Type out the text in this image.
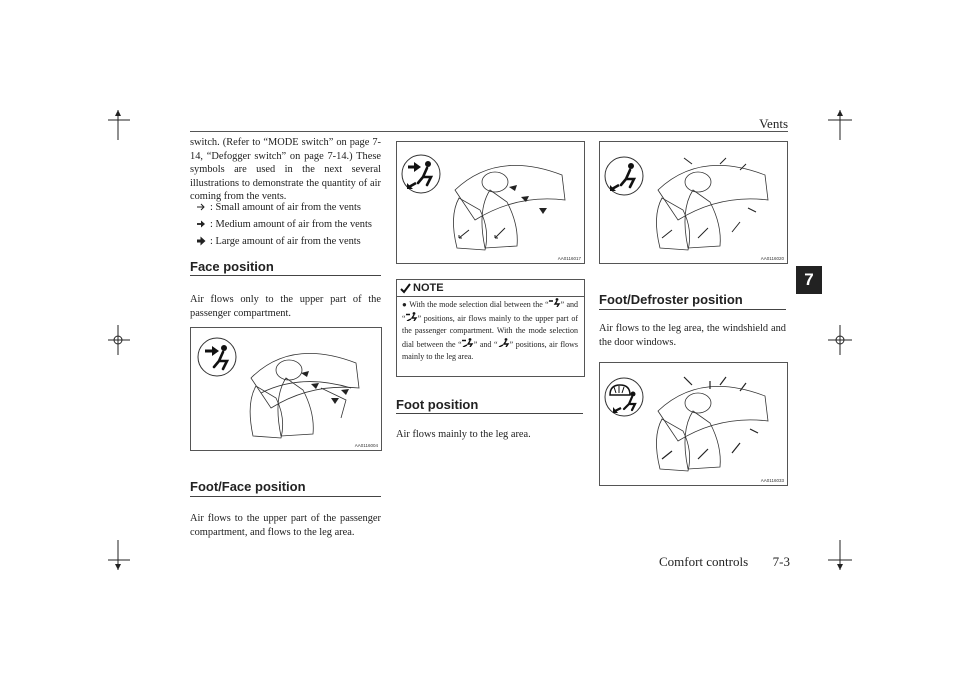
Vents
7
switch. (Refer to “MODE switch” on page 7-14, “Defogger switch” on page 7-14.) These symbols are used in the next several illustrations to demonstrate the quantity of air coming from the vents.
: Small amount of air from the vents
: Medium amount of air from the vents
: Large amount of air from the vents
Face position
Air flows only to the upper part of the passenger compartment.
AA0116004
Foot/Face position
Air flows to the upper part of the passenger compartment, and flows to the leg area.
AA0116017
NOTE
● With the mode selection dial between the “ ” and “ ” positions, air flows mainly to the upper part of the passenger compartment. With the mode selection dial between the “ ” and “ ” positions, air flows mainly to the leg area.
Foot position
Air flows mainly to the leg area.
AA0116020
Foot/Defroster position
Air flows to the leg area, the windshield and the door windows.
AA0116033
Comfort controls 7-3
